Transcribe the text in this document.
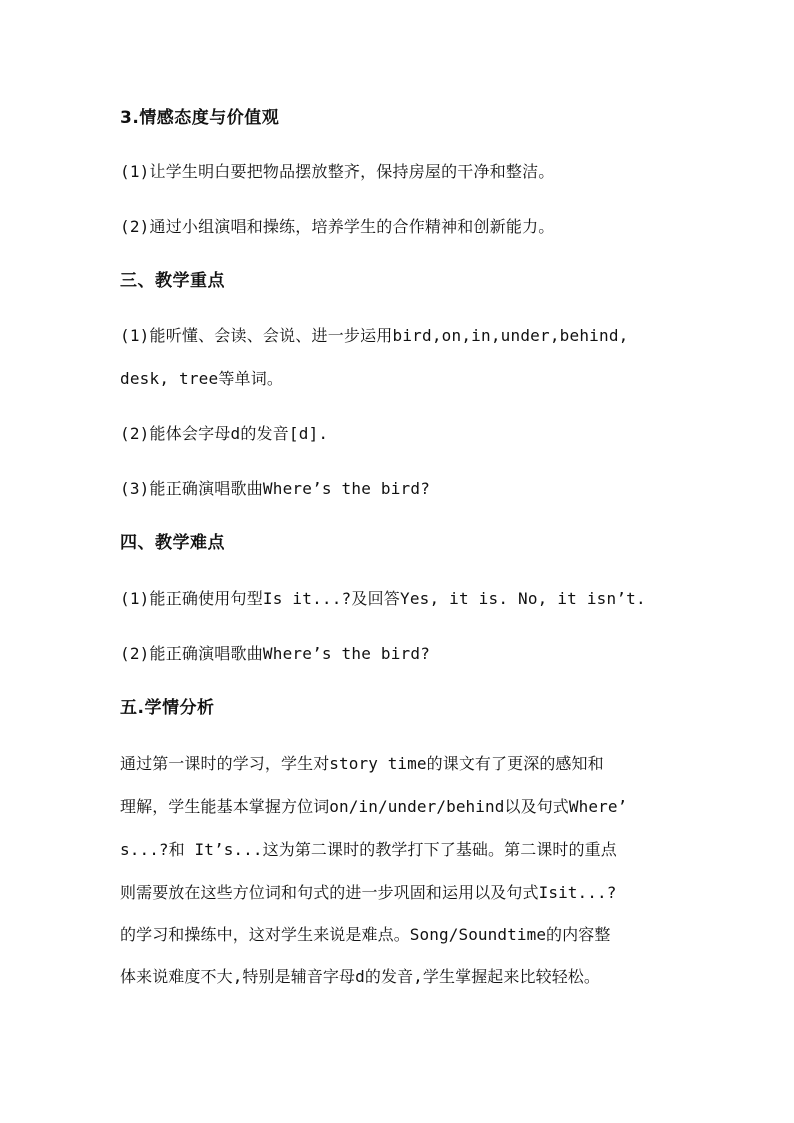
3.情感态度与价值观
(1)让学生明白要把物品摆放整齐，保持房屋的干净和整洁。
(2)通过小组演唱和操练，培养学生的合作精神和创新能力。
三、教学重点
(1)能听懂、会读、会说、进一步运用bird,on,in,under,behind,
desk, tree等单词。
(2)能体会字母d的发音[d].
(3)能正确演唱歌曲Where’s the bird?
四、教学难点
(1)能正确使用句型Is it...?及回答Yes, it is. No, it isn’t.
(2)能正确演唱歌曲Where’s the bird?
五.学情分析
通过第一课时的学习，学生对story time的课文有了更深的感知和
理解，学生能基本掌握方位词on/in/under/behind以及句式Where’
s...?和 It’s...这为第二课时的教学打下了基础。第二课时的重点
则需要放在这些方位词和句式的进一步巩固和运用以及句式Isit...?
的学习和操练中，这对学生来说是难点。Song/Soundtime的内容整
体来说难度不大,特别是辅音字母d的发音,学生掌握起来比较轻松。
